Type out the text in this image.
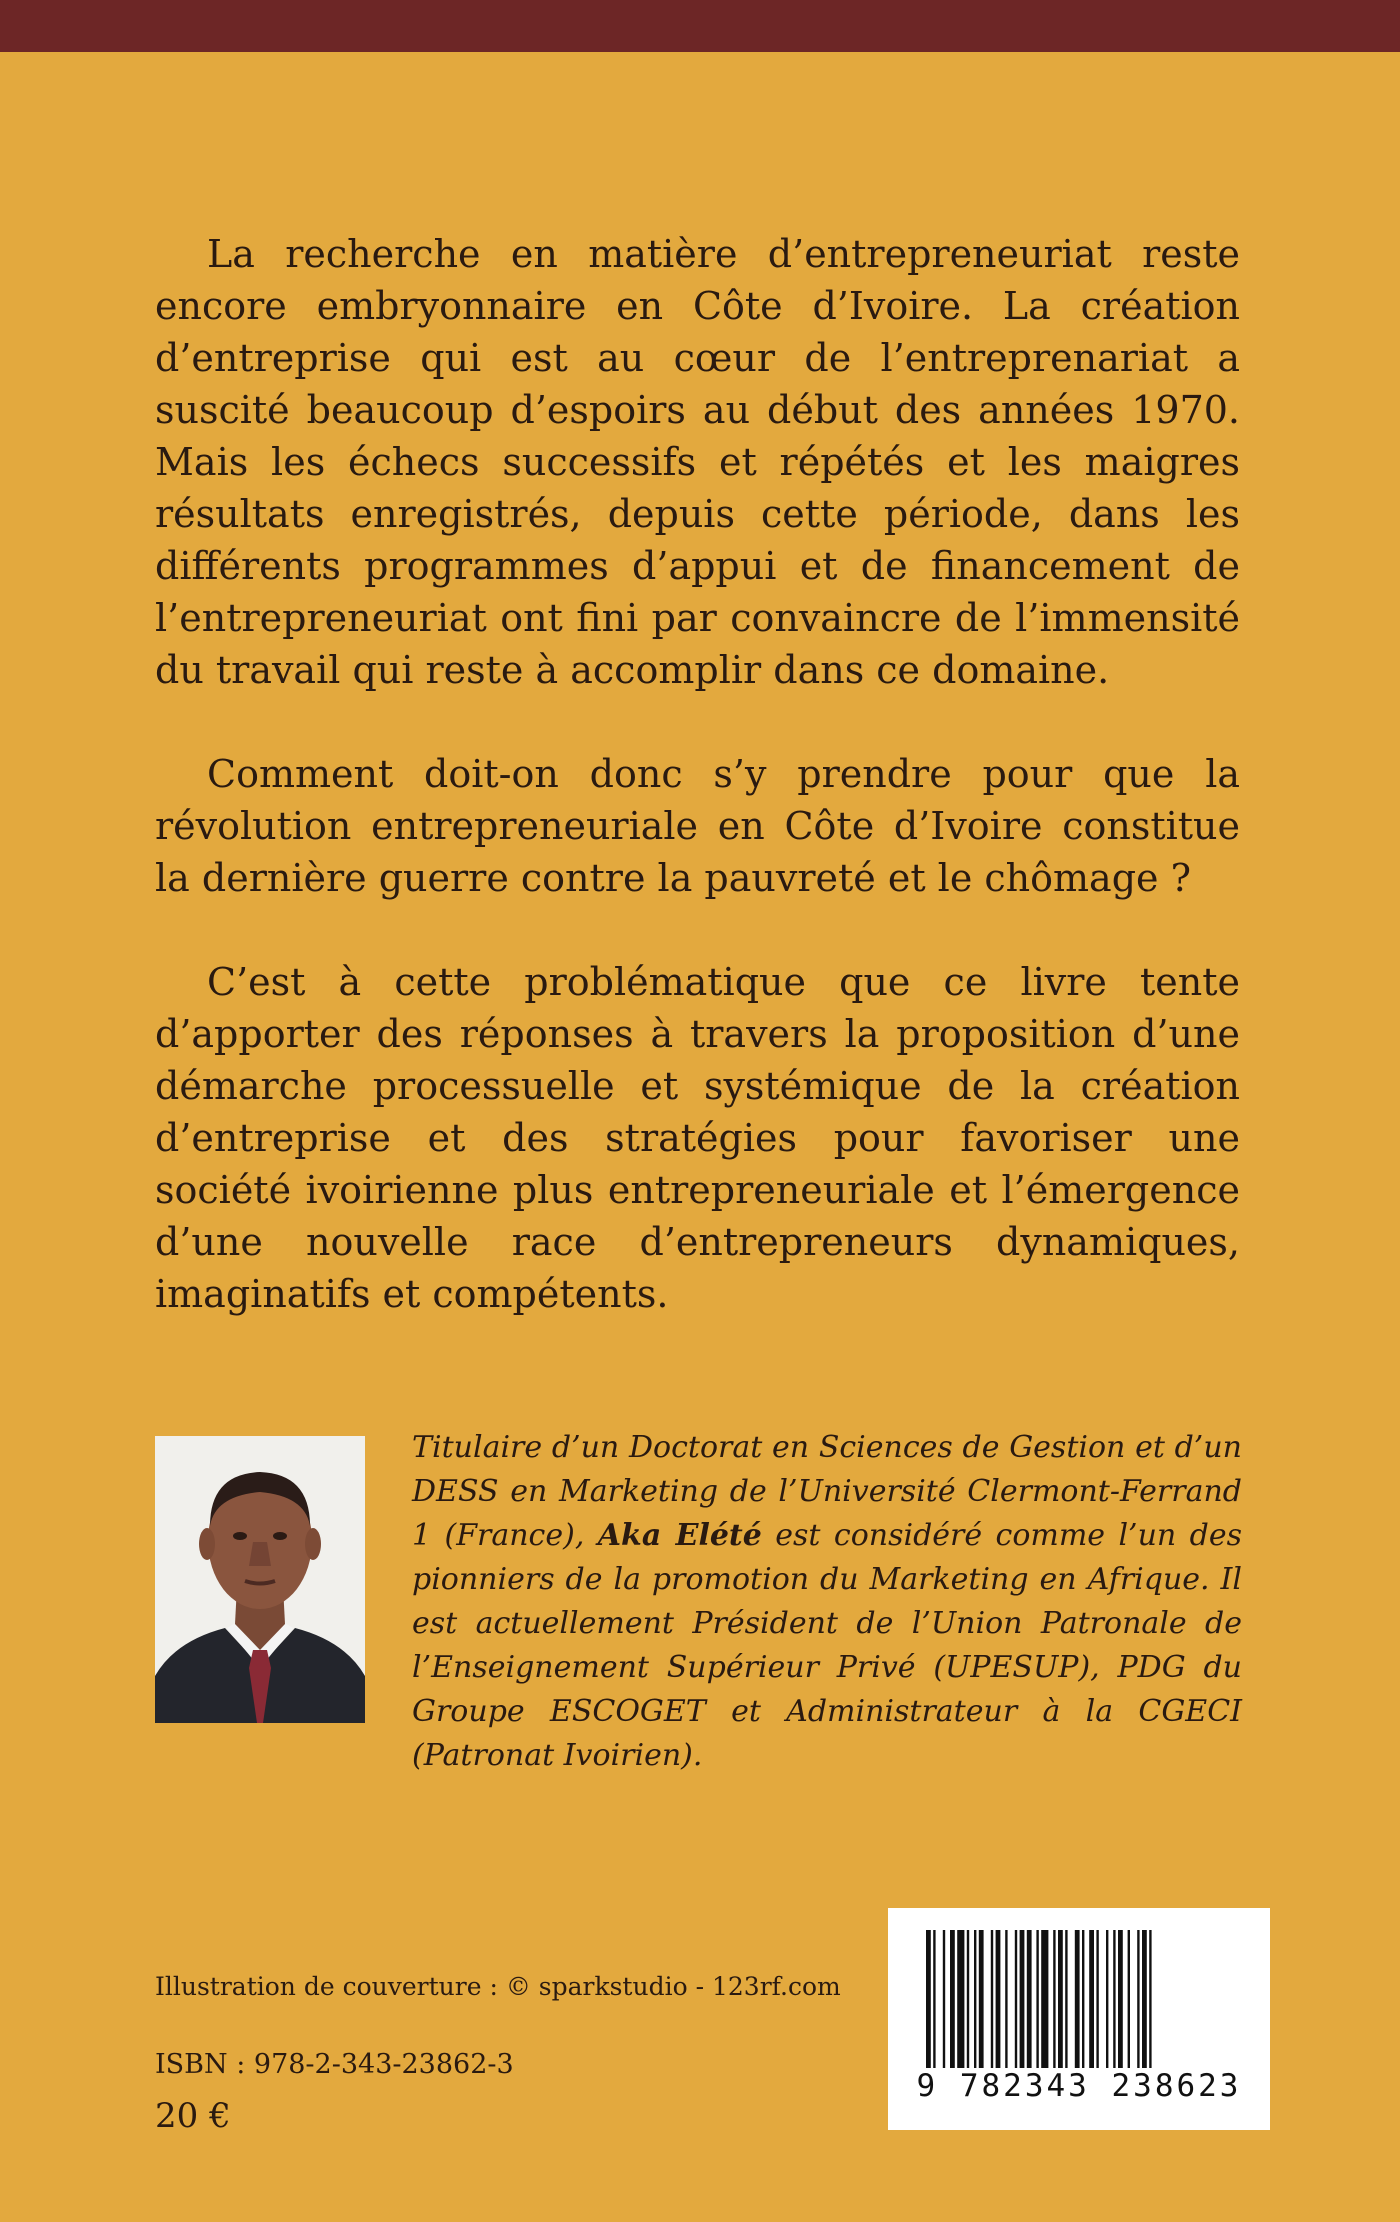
La recherche en matière d’entrepreneuriat reste encore embryonnaire en Côte d’Ivoire. La création d’entreprise qui est au cœur de l’entreprenariat a suscité beaucoup d’espoirs au début des années 1970. Mais les échecs successifs et répétés et les maigres résultats enregistrés, depuis cette période, dans les différents programmes d’appui et de financement de l’entrepreneuriat ont fini par convaincre de l’immensité du travail qui reste à accomplir dans ce domaine.

Comment doit-on donc s’y prendre pour que la révolution entrepreneuriale en Côte d’Ivoire constitue la dernière guerre contre la pauvreté et le chômage ?

C’est à cette problématique que ce livre tente d’apporter des réponses à travers la proposition d’une démarche processuelle et systémique de la création d’entreprise et des stratégies pour favoriser une société ivoirienne plus entrepreneuriale et l’émergence d’une nouvelle race d’entrepreneurs dynamiques, imaginatifs et compétents.

Titulaire d’un Doctorat en Sciences de Gestion et d’un DESS en Marketing de l’Université Clermont-Ferrand 1 (France), Aka Elété est considéré comme l’un des pionniers de la promotion du Marketing en Afrique. Il est actuellement Président de l’Union Patronale de l’Enseignement Supérieur Privé (UPESUP), PDG du Groupe ESCOGET et Administrateur à la CGECI (Patronat Ivoirien).

Illustration de couverture : © sparkstudio - 123rf.com
ISBN : 978-2-343-23862-3
20 €
9 782343 238623
